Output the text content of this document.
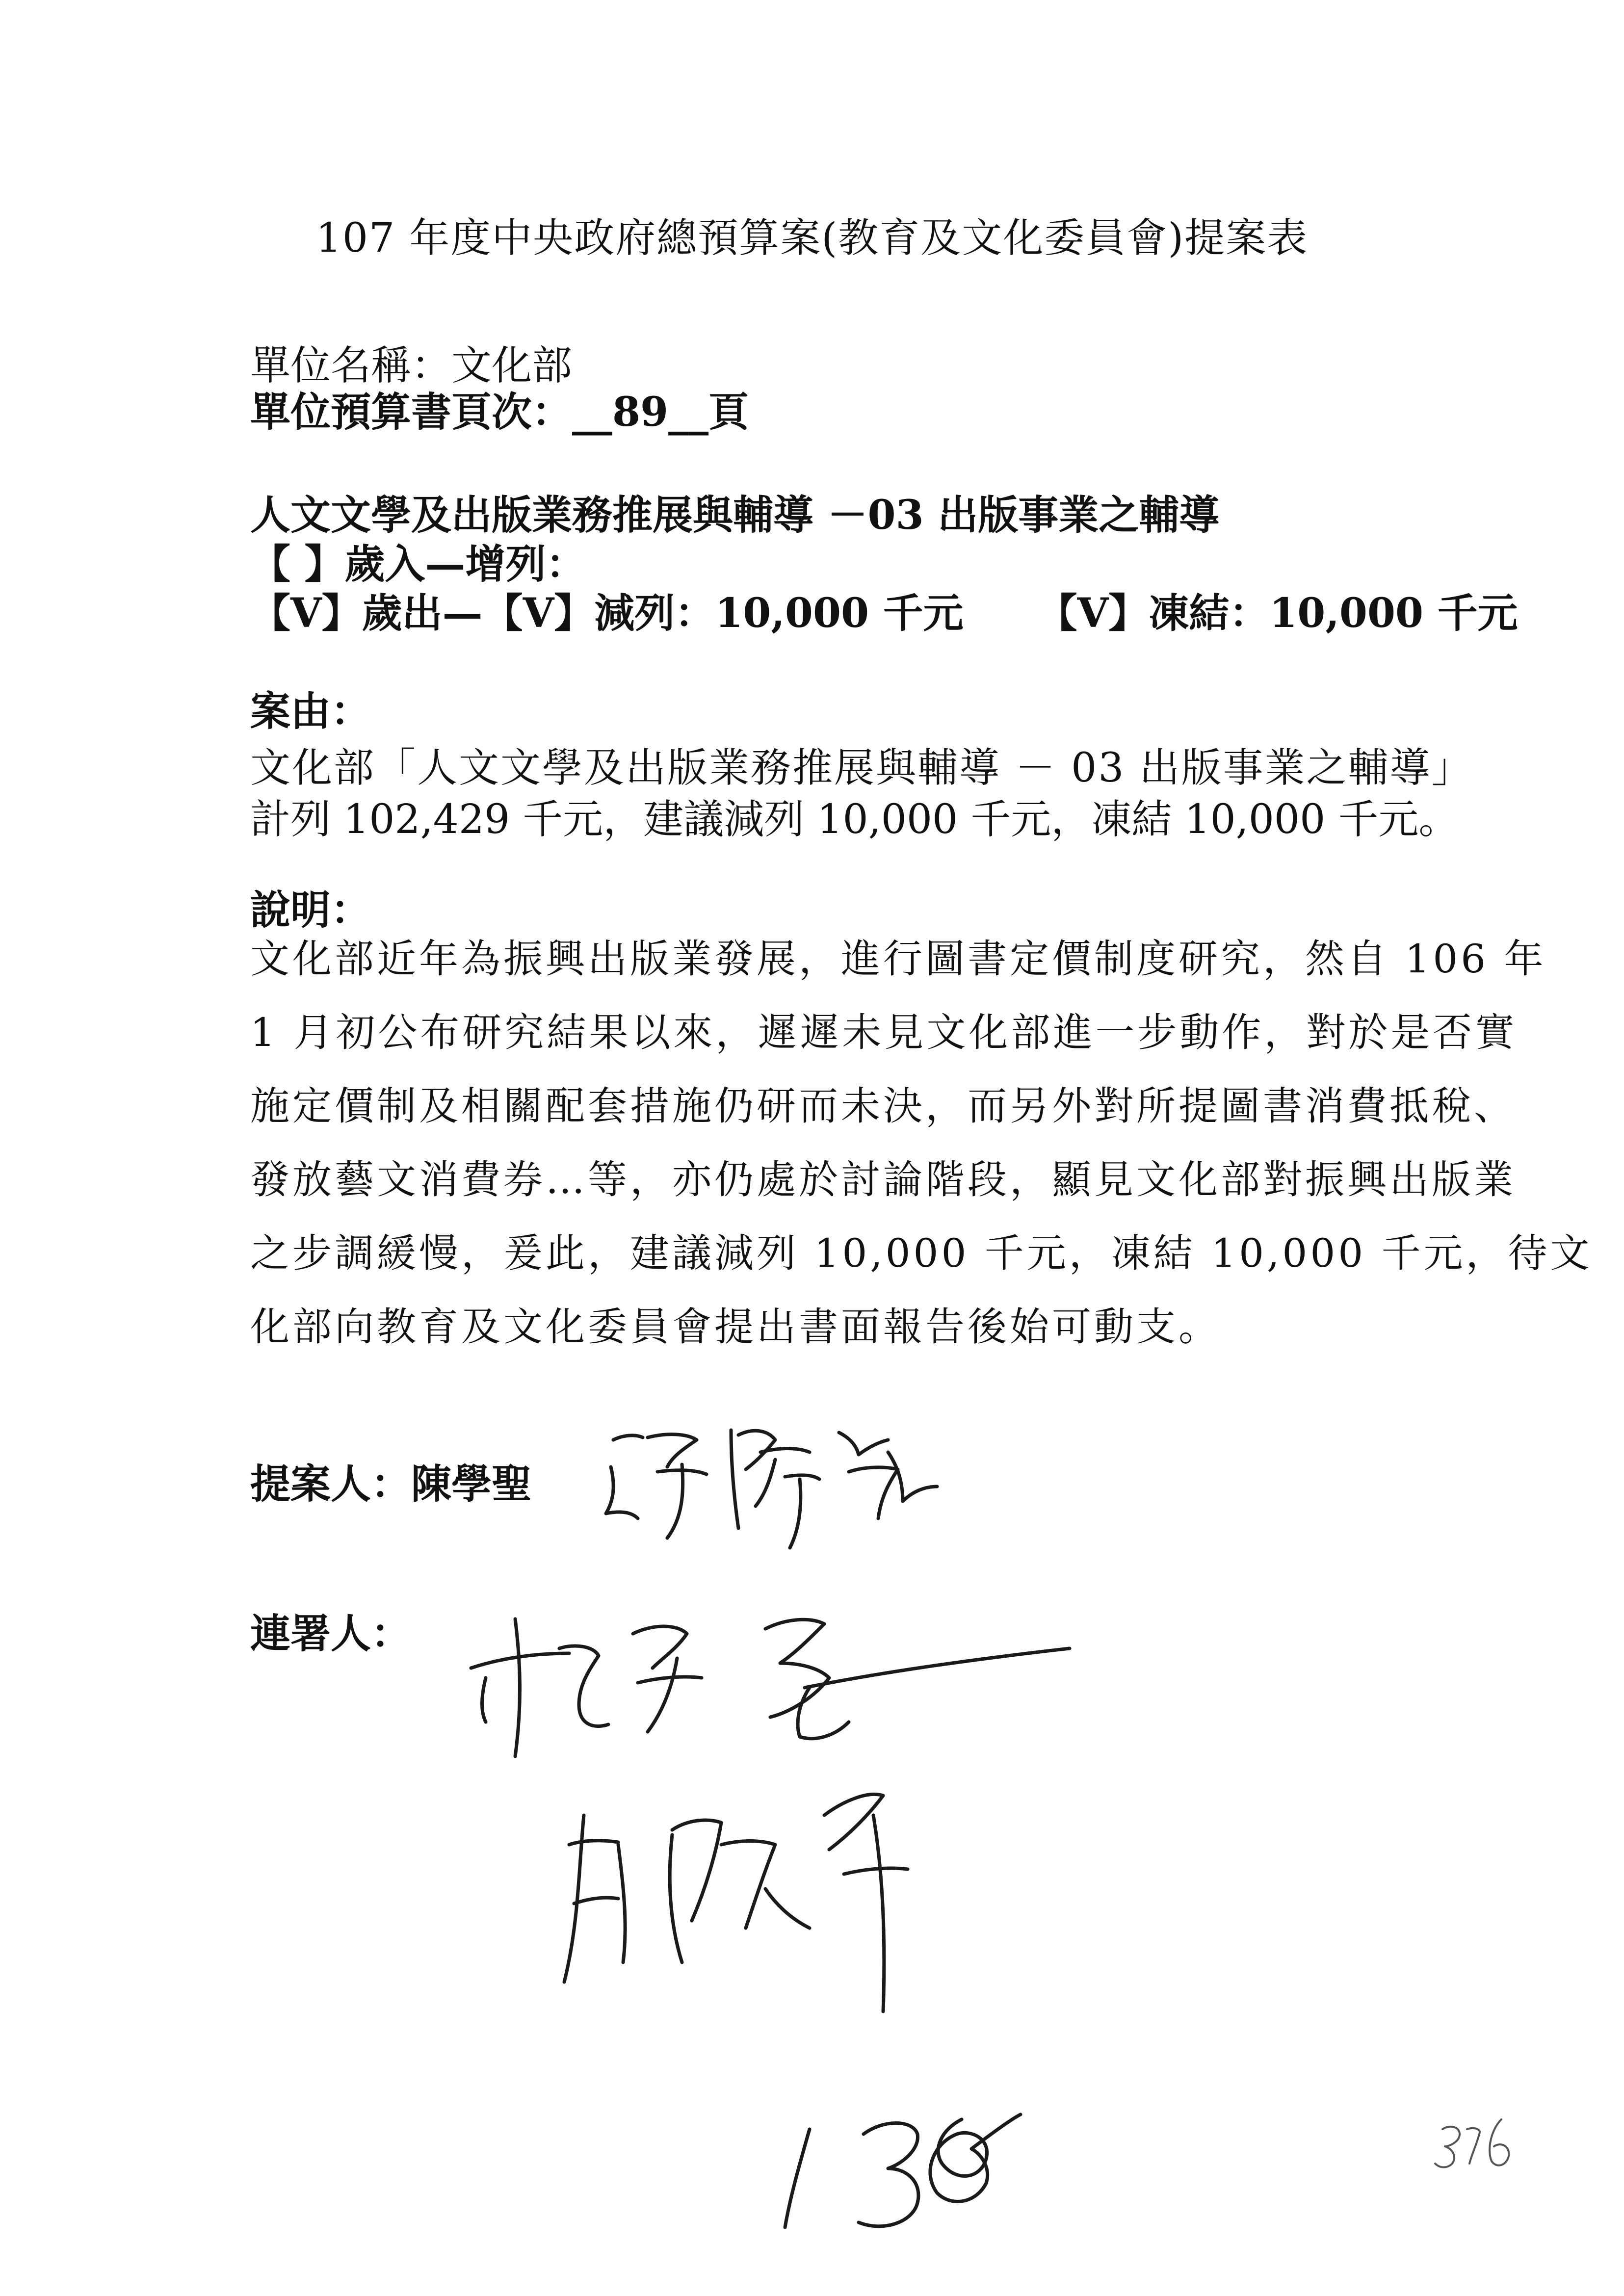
107 年度中央政府總預算案(教育及文化委員會)提案表
單位名稱：文化部
單位預算書頁次：__89__頁
人文文學及出版業務推展與輔導 －03 出版事業之輔導
【 】歲入—增列：
【V】歲出—【V】減列：10,000 千元 【V】凍結：10,000 千元
案由：
文化部「人文文學及出版業務推展與輔導 － 03 出版事業之輔導」
計列 102,429 千元，建議減列 10,000 千元，凍結 10,000 千元。
說明：
文化部近年為振興出版業發展，進行圖書定價制度研究，然自 106 年
1 月初公布研究結果以來，遲遲未見文化部進一步動作，對於是否實
施定價制及相關配套措施仍研而未決，而另外對所提圖書消費抵稅、
發放藝文消費券…等，亦仍處於討論階段，顯見文化部對振興出版業
之步調緩慢，爰此，建議減列 10,000 千元，凍結 10,000 千元，待文
化部向教育及文化委員會提出書面報告後始可動支。
提案人：陳學聖
連署人：
